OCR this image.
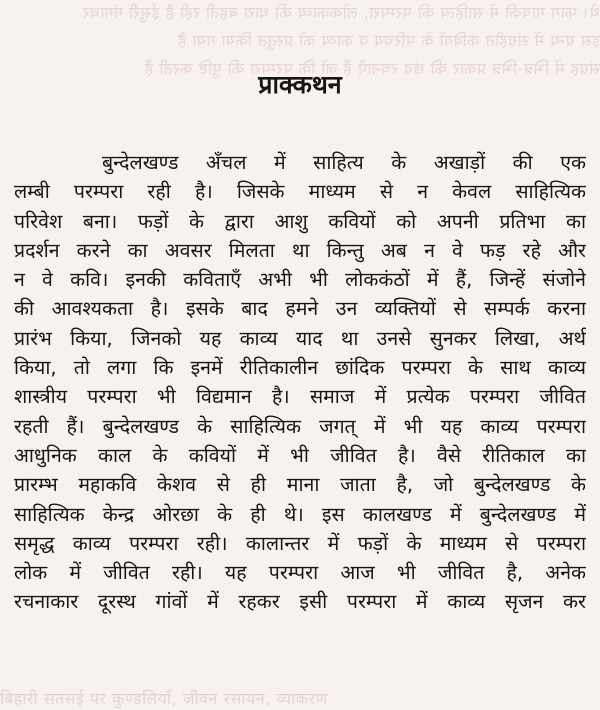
थे। फाग गायकी में साहित्य की परम्परा, लोककाव्य की धारा बहती रही है ईसुरी गंगाधर
इस ग्रन्थ में संग्रहीत कवियों के परिचय व काव्य को प्रस्तुत किया गया है
संग्रह में भिन्न-भिन्न प्रकार की छंद रचनाएँ हैं जो कि परम्परा की पुष्टि करती हैं
बिहारी सतसई पर कुण्डलियाँ, जीवन रसायन, व्याकरण
प्राक्कथन
बुन्देलखण्ड अँचल में साहित्य के अखाड़ों की एक
लम्बी परम्परा रही है। जिसके माध्यम से न केवल साहित्यिक
परिवेश बना। फड़ों के द्वारा आशु कवियों को अपनी प्रतिभा का
प्रदर्शन करने का अवसर मिलता था किन्तु अब न वे फड़ रहे और
न वे कवि। इनकी कविताएँ अभी भी लोककंठों में हैं, जिन्हें संजोने
की आवश्यकता है। इसके बाद हमने उन व्यक्तियों से सम्पर्क करना
प्रारंभ किया, जिनको यह काव्य याद था उनसे सुनकर लिखा, अर्थ
किया, तो लगा कि इनमें रीतिकालीन छांदिक परम्परा के साथ काव्य
शास्त्रीय परम्परा भी विद्यमान है। समाज में प्रत्येक परम्परा जीवित
रहती हैं। बुन्देलखण्ड के साहित्यिक जगत् में भी यह काव्य परम्परा
आधुनिक काल के कवियों में भी जीवित है। वैसे रीतिकाल का
प्रारम्भ महाकवि केशव से ही माना जाता है, जो बुन्देलखण्ड के
साहित्यिक केन्द्र ओरछा के ही थे। इस कालखण्ड में बुन्देलखण्ड में
समृद्ध काव्य परम्परा रही। कालान्तर में फड़ों के माध्यम से परम्परा
लोक में जीवित रही। यह परम्परा आज भी जीवित है, अनेक
रचनाकार दूरस्थ गांवों में रहकर इसी परम्परा में काव्य सृजन कर
